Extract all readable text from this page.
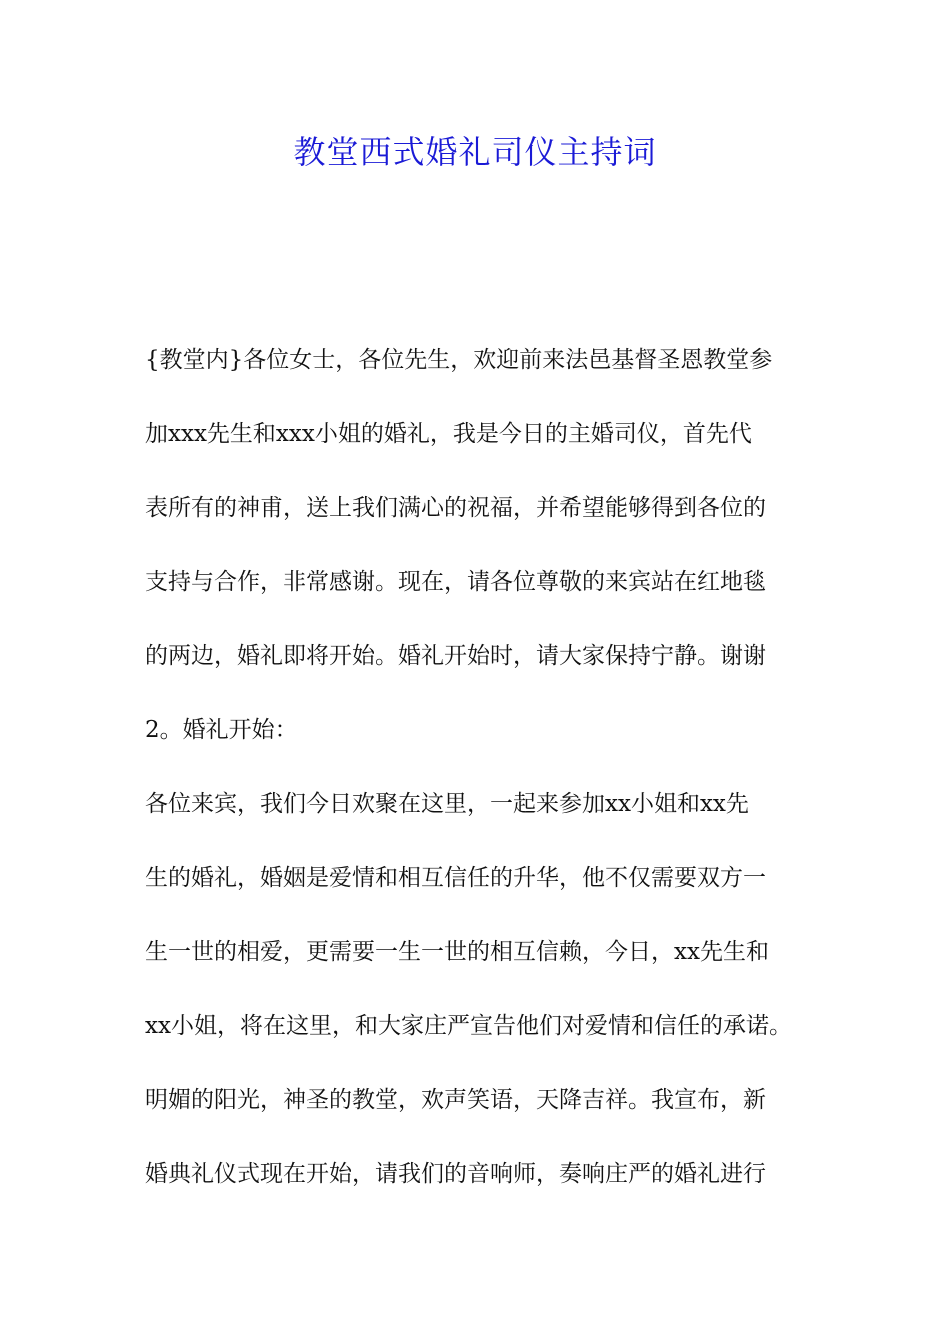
教堂西式婚礼司仪主持词
{教堂内}各位女士，各位先生，欢迎前来法邑基督圣恩教堂参
加xxx先生和xxx小姐的婚礼，我是今日的主婚司仪，首先代
表所有的神甫，送上我们满心的祝福，并希望能够得到各位的
支持与合作，非常感谢。现在，请各位尊敬的来宾站在红地毯
的两边，婚礼即将开始。婚礼开始时，请大家保持宁静。谢谢
2。婚礼开始：
各位来宾，我们今日欢聚在这里，一起来参加xx小姐和xx先
生的婚礼，婚姻是爱情和相互信任的升华，他不仅需要双方一
生一世的相爱，更需要一生一世的相互信赖，今日，xx先生和
xx小姐，将在这里，和大家庄严宣告他们对爱情和信任的承诺。
明媚的阳光，神圣的教堂，欢声笑语，天降吉祥。我宣布，新
婚典礼仪式现在开始，请我们的音响师，奏响庄严的婚礼进行
